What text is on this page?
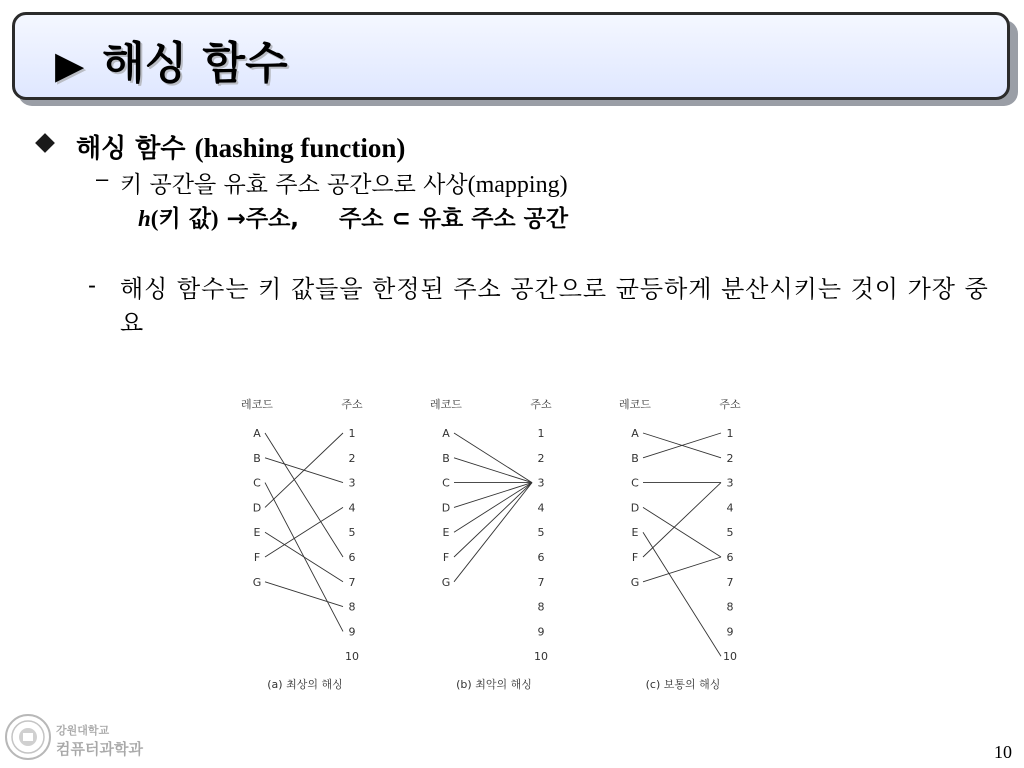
▶ 해싱 함수
해싱 함수 (hashing function)
– 키 공간을 유효 주소 공간으로 사상(mapping)
h(키 값) →주소, 주소 ⊂ 유효 주소 공간
- 해싱 함수는 키 값들을 한정된 주소 공간으로 균등하게 분산시키는 것이 가장 중요
레코드	주소
A
B
C
D
E
F
G
1
2
3
4
5
6
7
8
9
10
(a) 최상의 해싱
레코드	주소
A
B
C
D
E
F
G
1
2
3
4
5
6
7
8
9
10
(b) 최악의 해싱
레코드	주소
A
B
C
D
E
F
G
1
2
3
4
5
6
7
8
9
10
(c) 보통의 해싱
강원대학교
컴퓨터과학과	10
